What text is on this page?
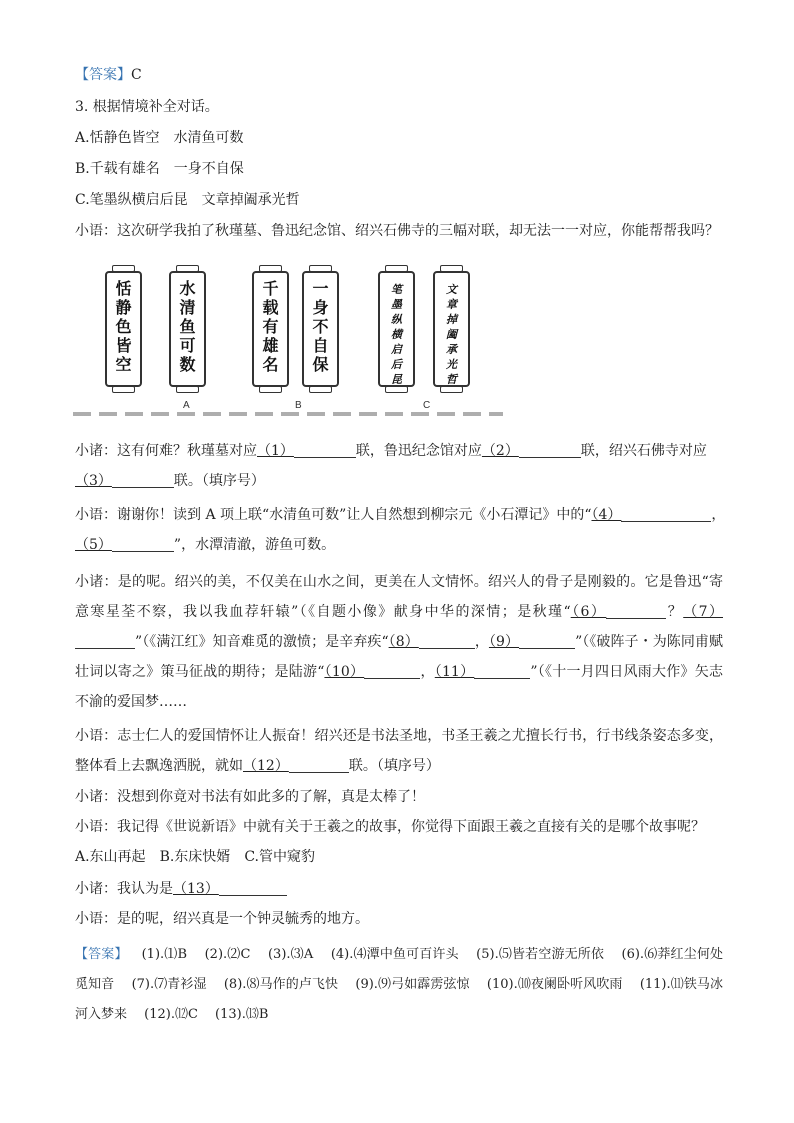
【答案】C
3. 根据情境补全对话。
A.恬静色皆空　水清鱼可数
B.千载有雄名　一身不自保
C.笔墨纵横启后昆　文章掉阖承光哲
小语：这次研学我拍了秋瑾墓、鲁迅纪念馆、绍兴石佛寺的三幅对联，却无法一一对应，你能帮帮我吗？
恬
静
色
皆
空
水
清
鱼
可
数
千
载
有
雄
名
一
身
不
自
保
笔
墨
纵
横
启
后
昆
文
章
掉
阖
承
光
哲
A	B	C
小诸：这有何难？秋瑾墓对应（1）	联，鲁迅纪念馆对应（2）	联，绍兴石佛寺对应
（3）	联。（填序号）
小语：谢谢你！读到 A 项上联“水清鱼可数”让人自然想到柳宗元《小石潭记》中的“（4）	，
（5）	”，水潭清澈，游鱼可数。
小诸：是的呢。绍兴的美，不仅美在山水之间，更美在人文情怀。绍兴人的骨子是刚毅的。它是鲁迅“寄意寒星荃不察，我以我血荐轩辕”（《自题小像》献身中华的深情；是秋瑾“（6）	？（7）”（《满江红》知音难觅的激愤；是辛弃疾“（8）	，（9）	”（《破阵子・为陈同甫赋壮词以寄之》策马征战的期待；是陆游“（10）	，（11）	”（《十一月四日风雨大作》矢志不渝的爱国梦……
小语：志士仁人的爱国情怀让人振奋！绍兴还是书法圣地，书圣王羲之尤擅长行书，行书线条姿态多变，整体看上去飘逸洒脱，就如（12）	联。（填序号）
小诸：没想到你竟对书法有如此多的了解，真是太棒了！
小语：我记得《世说新语》中就有关于王羲之的故事，你觉得下面跟王羲之直接有关的是哪个故事呢？
A.东山再起 B.东床快婿 C.管中窥豹
小诸：我认为是（13）
小语：是的呢，绍兴真是一个钟灵毓秀的地方。
【答案】 (1).⑴B　 (2).⑵C　 (3).⑶A　 (4).⑷潭中鱼可百许头　 (5).⑸皆若空游无所依　 (6).⑹莽红尘何处觅知音　 (7).⑺青衫湿　 (8).⑻马作的卢飞快　 (9).⑼弓如霹雳弦惊　 (10).⑽夜阑卧听风吹雨　 (11).⑾铁马冰河入梦来　 (12).⑿C　 (13).⒀B
